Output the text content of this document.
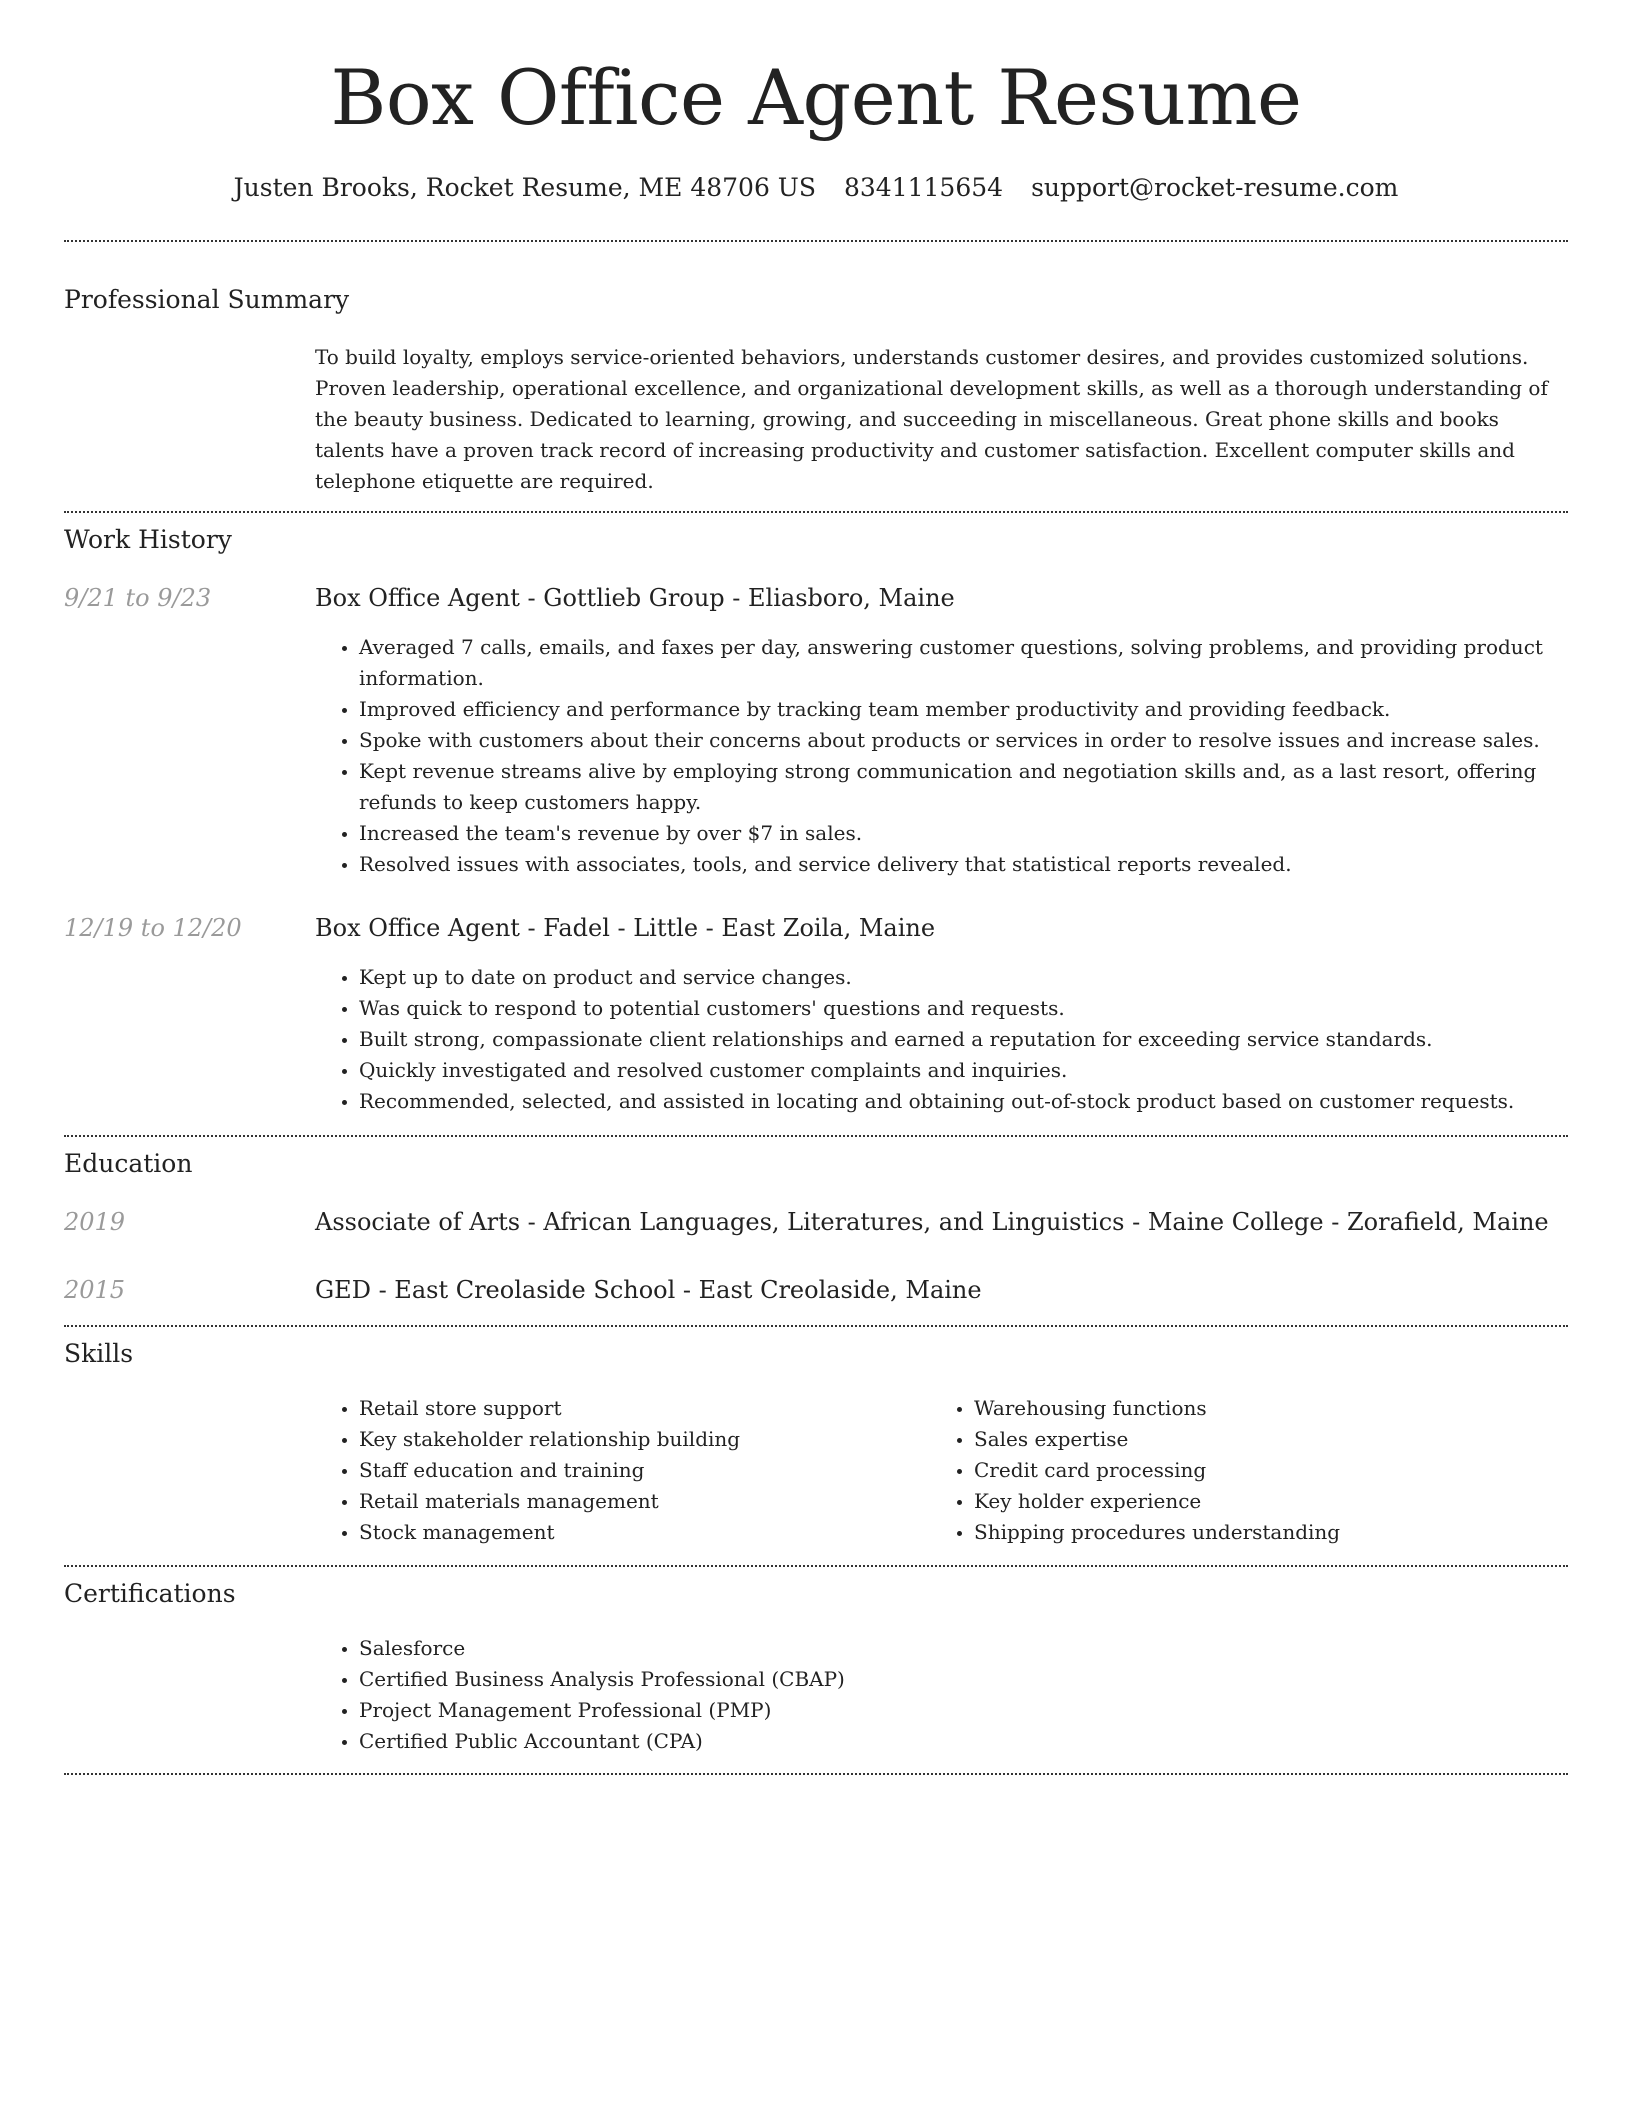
Box Office Agent Resume
Justen Brooks, Rocket Resume, ME 48706 US 8341115654 support@rocket-resume.com
Professional Summary

To build loyalty, employs service-oriented behaviors, understands customer desires, and provides customized solutions. Proven leadership, operational excellence, and organizational development skills, as well as a thorough understanding of the beauty business. Dedicated to learning, growing, and succeeding in miscellaneous. Great phone skills and books talents have a proven track record of increasing productivity and customer satisfaction. Excellent computer skills and telephone etiquette are required.

Work History
9/21 to 9/23	Box Office Agent - Gottlieb Group - Eliasboro, Maine
• Averaged 7 calls, emails, and faxes per day, answering customer questions, solving problems, and providing product information.
• Improved efficiency and performance by tracking team member productivity and providing feedback.
• Spoke with customers about their concerns about products or services in order to resolve issues and increase sales.
• Kept revenue streams alive by employing strong communication and negotiation skills and, as a last resort, offering refunds to keep customers happy.
• Increased the team's revenue by over $7 in sales.
• Resolved issues with associates, tools, and service delivery that statistical reports revealed.
12/19 to 12/20	Box Office Agent - Fadel - Little - East Zoila, Maine
• Kept up to date on product and service changes.
• Was quick to respond to potential customers' questions and requests.
• Built strong, compassionate client relationships and earned a reputation for exceeding service standards.
• Quickly investigated and resolved customer complaints and inquiries.
• Recommended, selected, and assisted in locating and obtaining out-of-stock product based on customer requests.
Education
2019	Associate of Arts - African Languages, Literatures, and Linguistics - Maine College - Zorafield, Maine
2015	GED - East Creolaside School - East Creolaside, Maine
Skills
• Retail store support
• Key stakeholder relationship building
• Staff education and training
• Retail materials management
• Stock management
• Warehousing functions
• Sales expertise
• Credit card processing
• Key holder experience
• Shipping procedures understanding
Certifications
• Salesforce
• Certified Business Analysis Professional (CBAP)
• Project Management Professional (PMP)
• Certified Public Accountant (CPA)
